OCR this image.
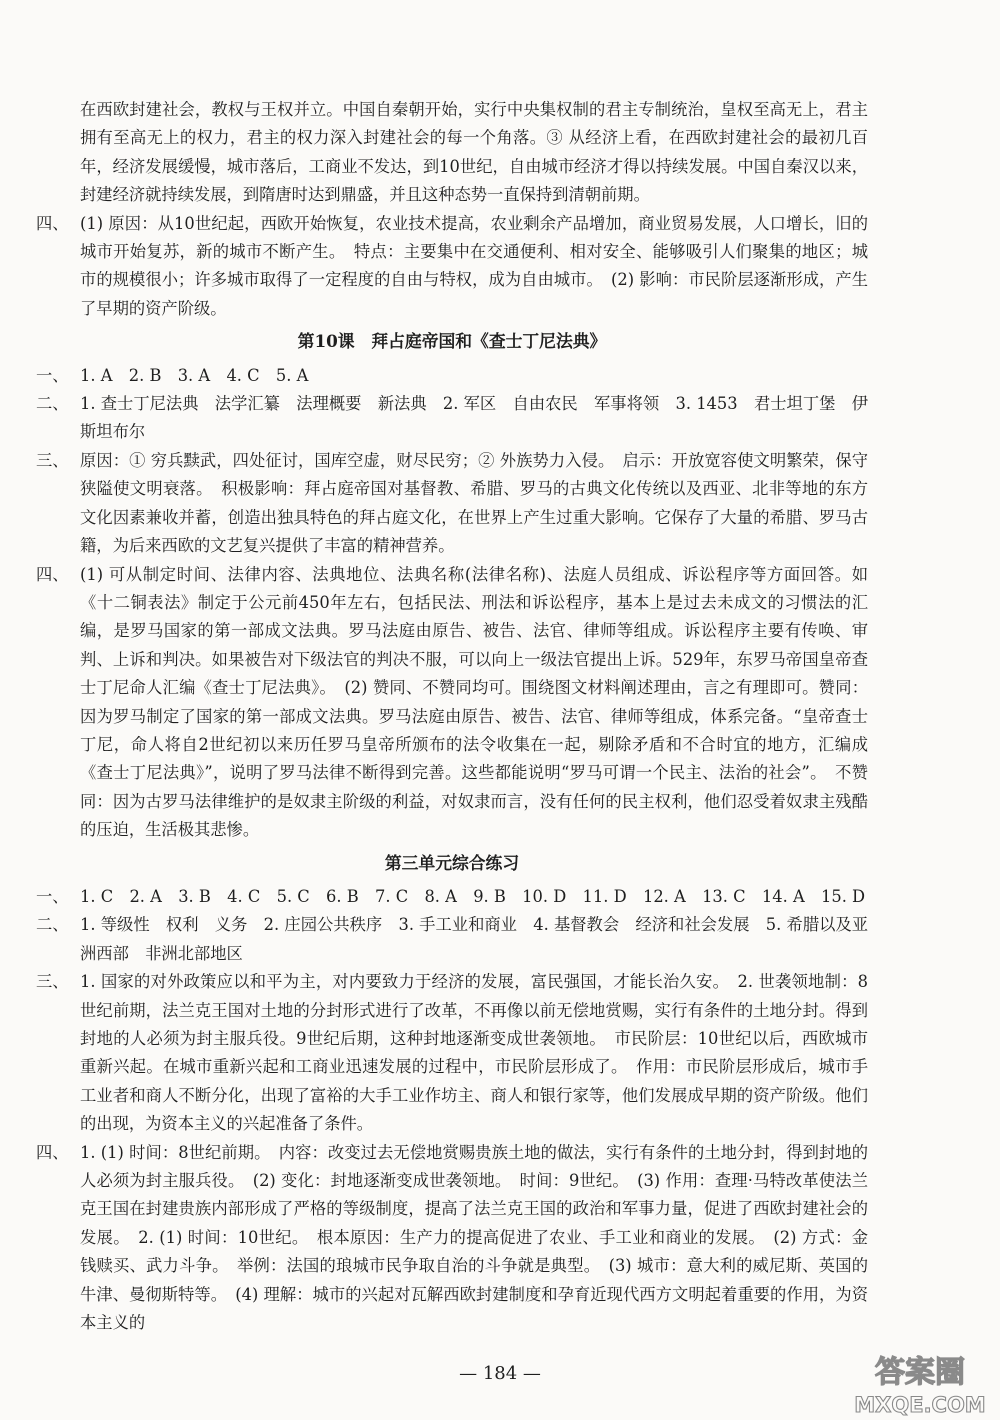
在西欧封建社会，教权与王权并立。中国自秦朝开始，实行中央集权制的君主专制统治，皇权至高无上，君主拥有至高无上的权力，君主的权力深入封建社会的每一个角落。③ 从经济上看，在西欧封建社会的最初几百年，经济发展缓慢，城市落后，工商业不发达，到10世纪，自由城市经济才得以持续发展。中国自秦汉以来，封建经济就持续发展，到隋唐时达到鼎盛，并且这种态势一直保持到清朝前期。

四、 (1) 原因：从10世纪起，西欧开始恢复，农业技术提高，农业剩余产品增加，商业贸易发展，人口增长，旧的城市开始复苏，新的城市不断产生。　特点：主要集中在交通便利、相对安全、能够吸引人们聚集的地区；城市的规模很小；许多城市取得了一定程度的自由与特权，成为自由城市。　(2) 影响：市民阶层逐渐形成，产生了早期的资产阶级。
第10课　拜占庭帝国和《查士丁尼法典》
一、 1. A　2. B　3. A　4. C　5. A
二、 1. 查士丁尼法典　法学汇纂　法理概要　新法典　2. 军区　自由农民　军事将领　3. 1453　君士坦丁堡　伊斯坦布尔
三、 原因：① 穷兵黩武，四处征讨，国库空虚，财尽民穷；② 外族势力入侵。　启示：开放宽容使文明繁荣，保守狭隘使文明衰落。　积极影响：拜占庭帝国对基督教、希腊、罗马的古典文化传统以及西亚、北非等地的东方文化因素兼收并蓄，创造出独具特色的拜占庭文化，在世界上产生过重大影响。它保存了大量的希腊、罗马古籍，为后来西欧的文艺复兴提供了丰富的精神营养。
四、 (1) 可从制定时间、法律内容、法典地位、法典名称(法律名称)、法庭人员组成、诉讼程序等方面回答。如《十二铜表法》制定于公元前450年左右，包括民法、刑法和诉讼程序，基本上是过去未成文的习惯法的汇编，是罗马国家的第一部成文法典。罗马法庭由原告、被告、法官、律师等组成。诉讼程序主要有传唤、审判、上诉和判决。如果被告对下级法官的判决不服，可以向上一级法官提出上诉。529年，东罗马帝国皇帝查士丁尼命人汇编《查士丁尼法典》。　(2) 赞同、不赞同均可。围绕图文材料阐述理由，言之有理即可。赞同：因为罗马制定了国家的第一部成文法典。罗马法庭由原告、被告、法官、律师等组成，体系完备。“皇帝查士丁尼，命人将自2世纪初以来历任罗马皇帝所颁布的法令收集在一起，剔除矛盾和不合时宜的地方，汇编成《查士丁尼法典》”，说明了罗马法律不断得到完善。这些都能说明“罗马可谓一个民主、法治的社会”。　不赞同：因为古罗马法律维护的是奴隶主阶级的利益，对奴隶而言，没有任何的民主权利，他们忍受着奴隶主残酷的压迫，生活极其悲惨。
第三单元综合练习
一、 1. C　2. A　3. B　4. C　5. C　6. B　7. C　8. A　9. B　10. D　11. D　12. A　13. C　14. A　15. D
二、 1. 等级性　权利　义务　2. 庄园公共秩序　3. 手工业和商业　4. 基督教会　经济和社会发展　5. 希腊以及亚洲西部　非洲北部地区
三、 1. 国家的对外政策应以和平为主，对内要致力于经济的发展，富民强国，才能长治久安。　2. 世袭领地制：8世纪前期，法兰克王国对土地的分封形式进行了改革，不再像以前无偿地赏赐，实行有条件的土地分封。得到封地的人必须为封主服兵役。9世纪后期，这种封地逐渐变成世袭领地。　市民阶层：10世纪以后，西欧城市重新兴起。在城市重新兴起和工商业迅速发展的过程中，市民阶层形成了。　作用：市民阶层形成后，城市手工业者和商人不断分化，出现了富裕的大手工业作坊主、商人和银行家等，他们发展成早期的资产阶级。他们的出现，为资本主义的兴起准备了条件。
四、 1. (1) 时间：8世纪前期。　内容：改变过去无偿地赏赐贵族土地的做法，实行有条件的土地分封，得到封地的人必须为封主服兵役。　(2) 变化：封地逐渐变成世袭领地。　时间：9世纪。　(3) 作用：查理·马特改革使法兰克王国在封建贵族内部形成了严格的等级制度，提高了法兰克王国的政治和军事力量，促进了西欧封建社会的发展。　2. (1) 时间：10世纪。　根本原因：生产力的提高促进了农业、手工业和商业的发展。　(2) 方式：金钱赎买、武力斗争。　举例：法国的琅城市民争取自治的斗争就是典型。　(3) 城市：意大利的威尼斯、英国的牛津、曼彻斯特等。　(4) 理解：城市的兴起对瓦解西欧封建制度和孕育近现代西方文明起着重要的作用，为资本主义的
— 184 —	答案圈
MXQE.COM
